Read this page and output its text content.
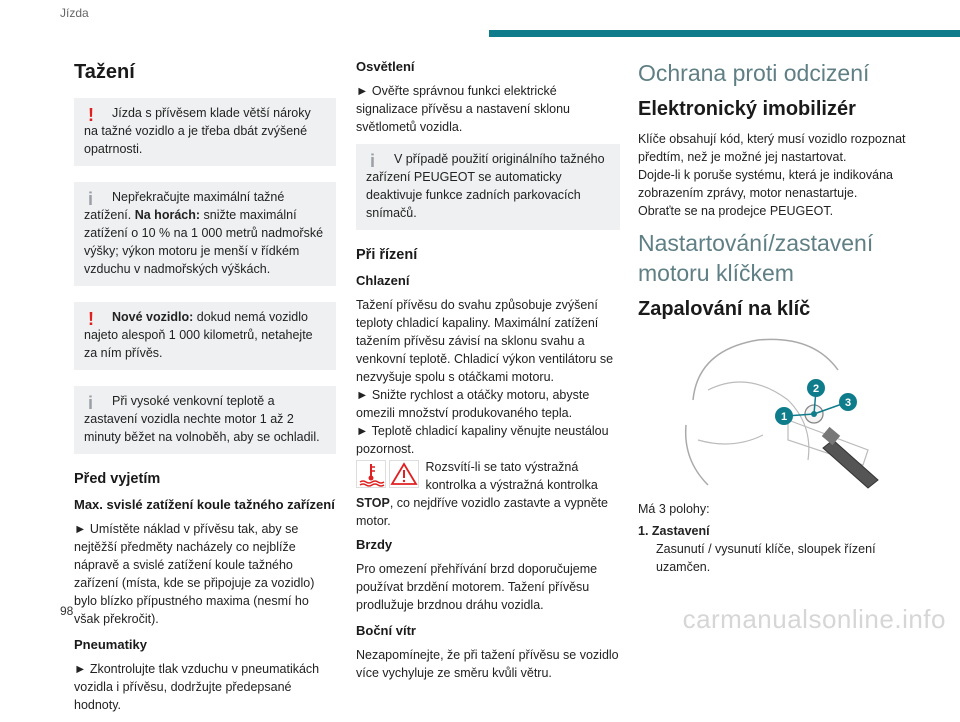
Jízda
Tažení
!	Jízda s přívěsem klade větší nároky na tažné vozidlo a je třeba dbát zvýšené opatrnosti.

i	Nepřekračujte maximální tažné zatížení. Na horách: snižte maximální zatížení o 10 % na 1 000 metrů nadmořské výšky; výkon motoru je menší v řídkém vzduchu v nadmořských výškách.

!	Nové vozidlo: dokud nemá vozidlo najeto alespoň 1 000 kilometrů, netahejte za ním přívěs.

i	Při vysoké venkovní teplotě a zastavení vozidla nechte motor 1 až 2 minuty běžet na volnoběh, aby se ochladil.

Před vyjetím
Max. svislé zatížení koule tažného zařízení

► Umístěte náklad v přívěsu tak, aby se nejtěžší předměty nacházely co nejblíže nápravě a svislé zatížení koule tažného zařízení (místa, kde se připojuje za vozidlo) bylo blízko přípustného maxima (nesmí ho však překročit).

Pneumatiky

► Zkontrolujte tlak vzduchu v pneumatikách vozidla i přívěsu, dodržujte předepsané hodnoty.

Osvětlení

► Ověřte správnou funkci elektrické signalizace přívěsu a nastavení sklonu světlometů vozidla.

i	V případě použití originálního tažného zařízení PEUGEOT se automaticky deaktivuje funkce zadních parkovacích snímačů.

Při řízení
Chlazení

Tažení přívěsu do svahu způsobuje zvýšení teploty chladicí kapaliny. Maximální zatížení tažením přívěsu závisí na sklonu svahu a venkovní teplotě. Chladicí výkon ventilátoru se nezvyšuje spolu s otáčkami motoru.

► Snižte rychlost a otáčky motoru, abyste omezili množství produkovaného tepla.

► Teplotě chladicí kapaliny věnujte neustálou pozornost.

Rozsvítí-li se tato výstražná kontrolka a výstražná kontrolka STOP, co nejdříve vozidlo zastavte a vypněte motor.
Brzdy

Pro omezení přehřívání brzd doporučujeme používat brzdění motorem. Tažení přívěsu prodlužuje brzdnou dráhu vozidla.

Boční vítr

Nezapomínejte, že při tažení přívěsu se vozidlo více vychyluje ze směru kvůli větru.

Ochrana proti odcizení
Elektronický imobilizér

Klíče obsahují kód, který musí vozidlo rozpoznat předtím, než je možné jej nastartovat.

Dojde-li k poruše systému, která je indikována zobrazením zprávy, motor nenastartuje.

Obraťte se na prodejce PEUGEOT.

Nastartování/zastavení motoru klíčkem
Zapalování na klíč
1
2
3

Má 3 polohy:

1. Zastavení
Zasunutí / vysunutí klíče, sloupek řízení uzamčen.
98	carmanualsonline.info
